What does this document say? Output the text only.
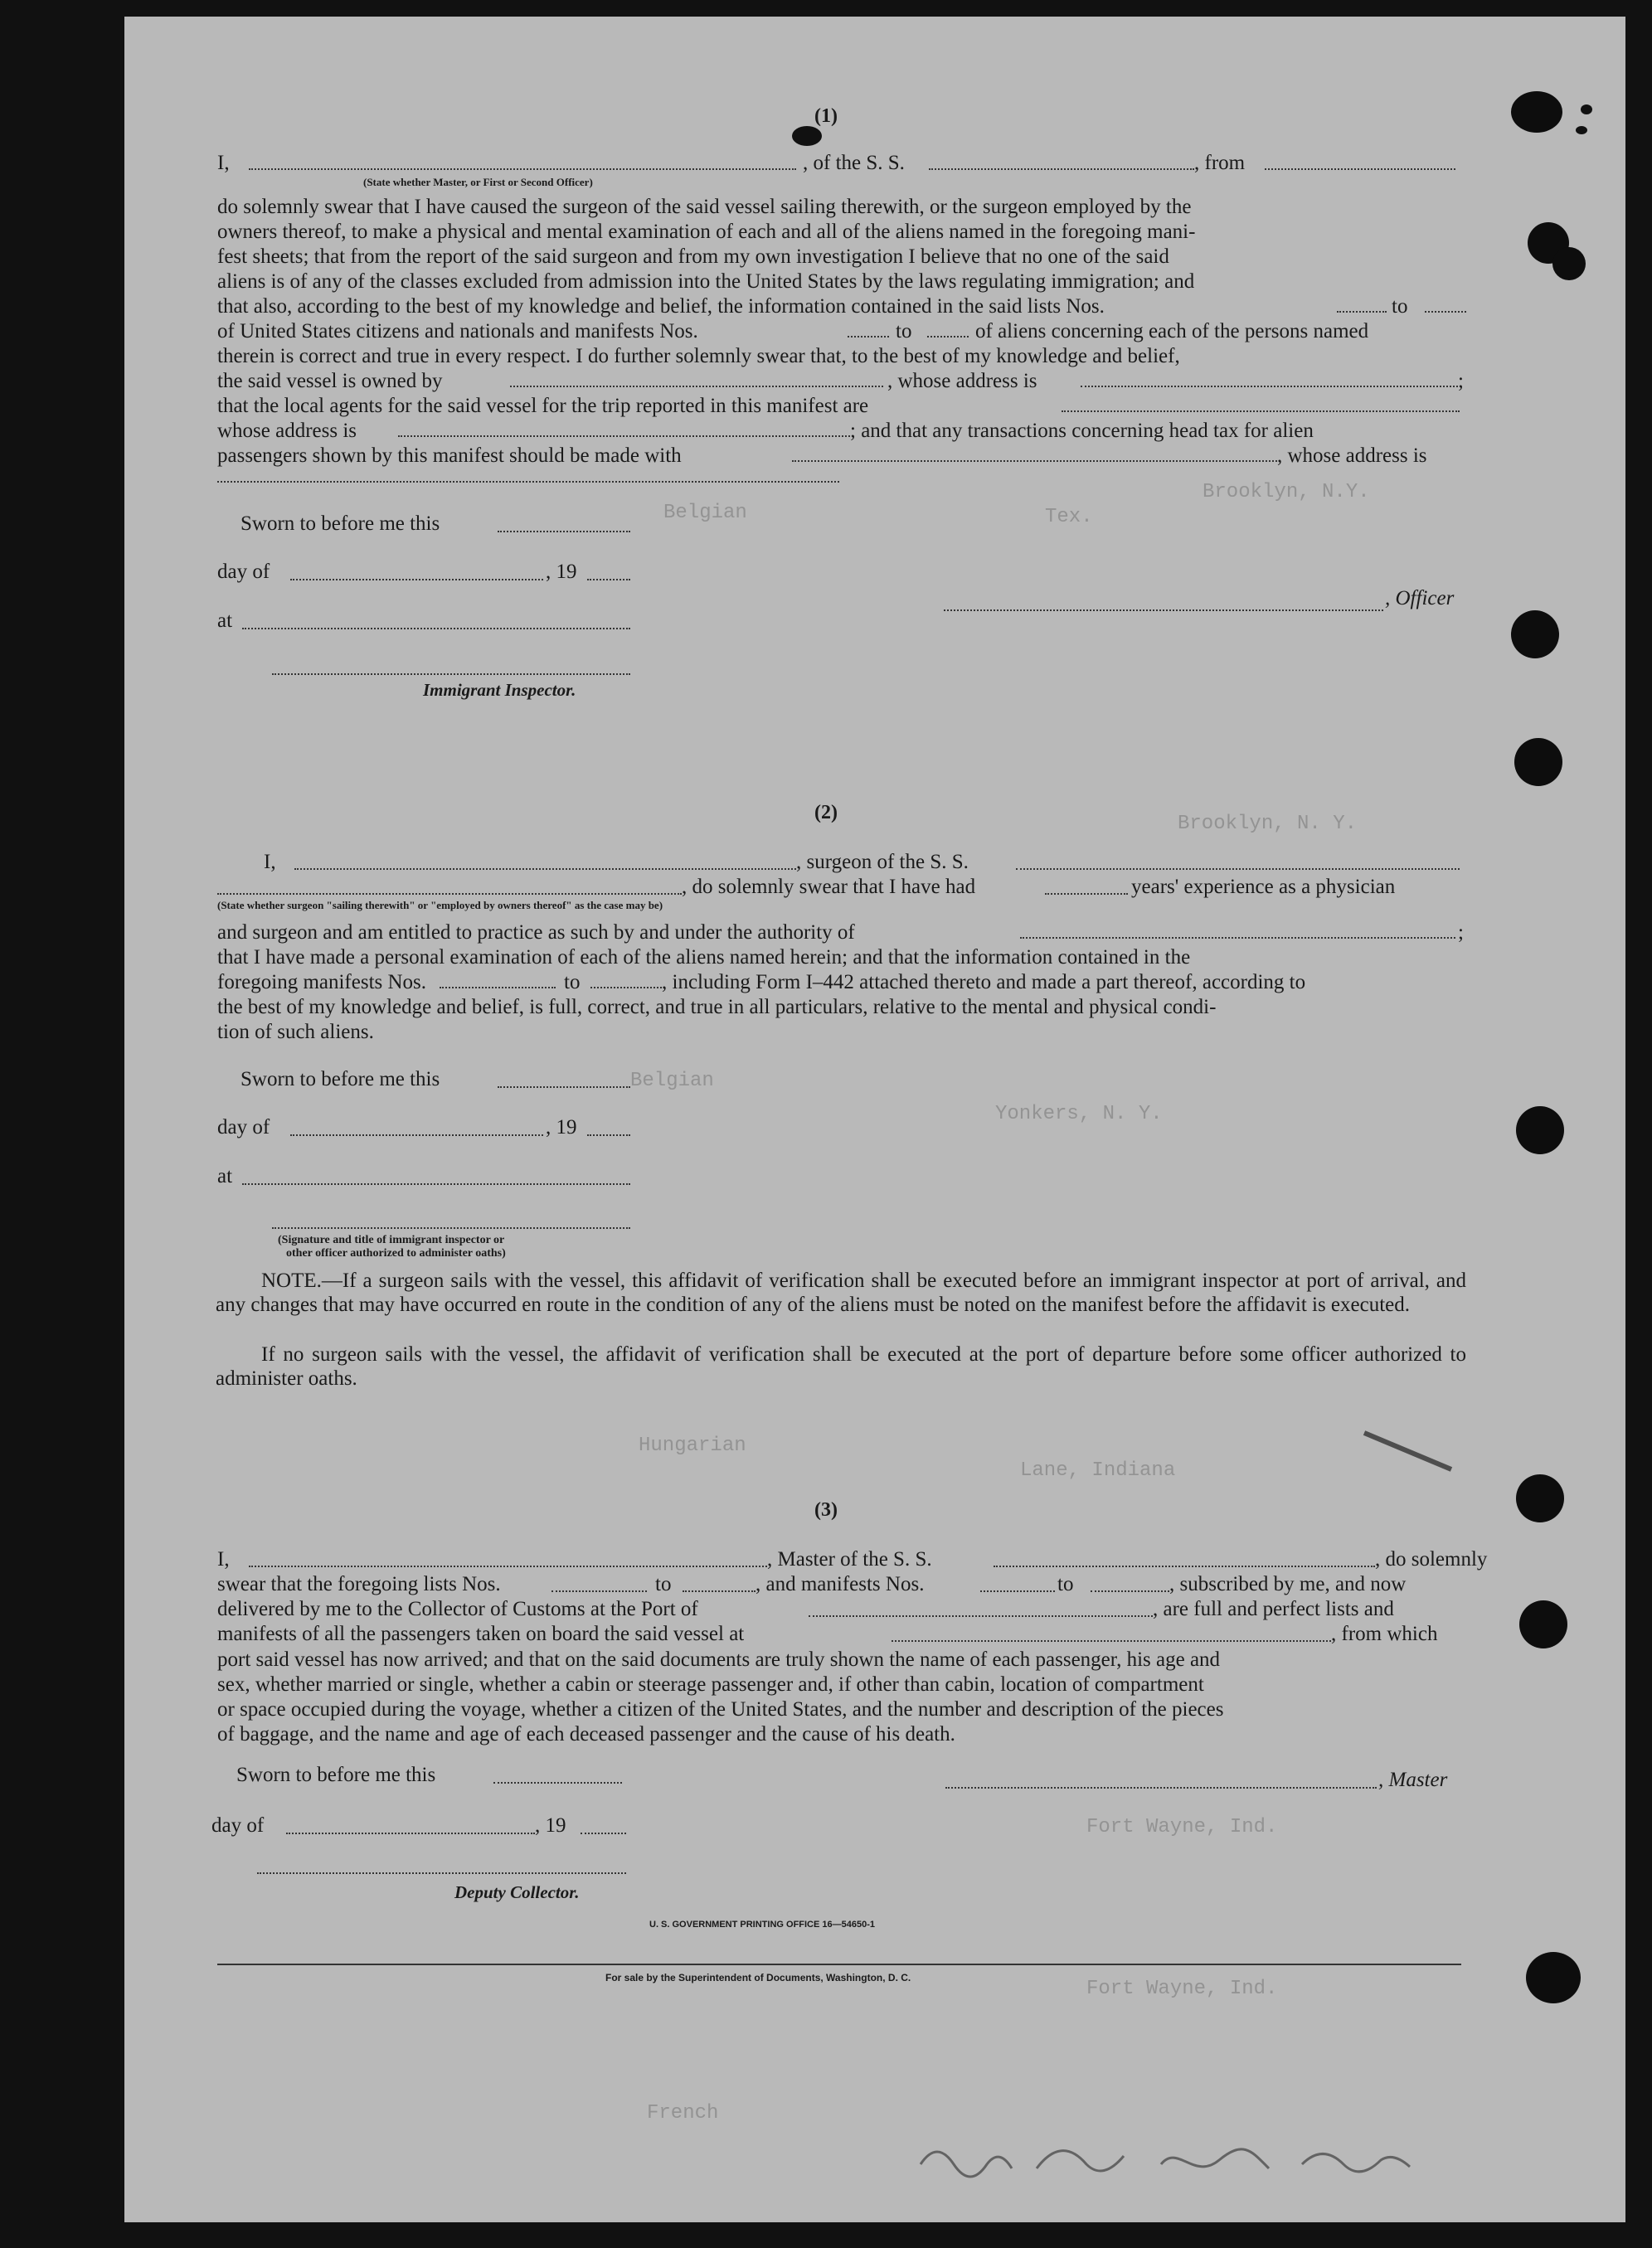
Belgian	Tex.
Brooklyn, N.Y.
Brooklyn, N. Y.
Belgian
Yonkers, N. Y.
Hungarian
Lane, Indiana
Fort Wayne, Ind.
Fort Wayne, Ind.
French
(1)
I,	, of the S. S.	, from
(State whether Master, or First or Second Officer)
do solemnly swear that I have caused the surgeon of the said vessel sailing therewith, or the surgeon employed by the
owners thereof, to make a physical and mental examination of each and all of the aliens named in the foregoing mani-
fest sheets; that from the report of the said surgeon and from my own investigation I believe that no one of the said
aliens is of any of the classes excluded from admission into the United States by the laws regulating immigration; and
that also, according to the best of my knowledge and belief, the information contained in the said lists Nos.	to
of United States citizens and nationals and manifests Nos.	to	of aliens concerning each of the persons named
therein is correct and true in every respect. I do further solemnly swear that, to the best of my knowledge and belief,
the said vessel is owned by	, whose address is	;
that the local agents for the said vessel for the trip reported in this manifest are
whose address is	; and that any transactions concerning head tax for alien
passengers shown by this manifest should be made with	, whose address is
Sworn to before me this
day of	, 19
, Officer
at
Immigrant Inspector.
(2)
I,	, surgeon of the S. S.
, do solemnly swear that I have had	years' experience as a physician
(State whether surgeon "sailing therewith" or "employed by owners thereof" as the case may be)
and surgeon and am entitled to practice as such by and under the authority of	;
that I have made a personal examination of each of the aliens named herein; and that the information contained in the
foregoing manifests Nos.	to	, including Form I–442 attached thereto and made a part thereof, according to
the best of my knowledge and belief, is full, correct, and true in all particulars, relative to the mental and physical condi-
tion of such aliens.
Sworn to before me this
day of	, 19
at
(Signature and title of immigrant inspector or
other officer authorized to administer oaths)
NOTE.—If a surgeon sails with the vessel, this affidavit of verification shall be executed before an immigrant inspector at port of arrival, and any changes that may have occurred en route in the condition of any of the aliens must be noted on the manifest before the affidavit is executed.
If no surgeon sails with the vessel, the affidavit of verification shall be executed at the port of departure before some officer authorized to administer oaths.
(3)
I,	, Master of the S. S.	, do solemnly
swear that the foregoing lists Nos.	to	, and manifests Nos.	to	, subscribed by me, and now
delivered by me to the Collector of Customs at the Port of	, are full and perfect lists and
manifests of all the passengers taken on board the said vessel at	, from which
port said vessel has now arrived; and that on the said documents are truly shown the name of each passenger, his age and
sex, whether married or single, whether a cabin or steerage passenger and, if other than cabin, location of compartment
or space occupied during the voyage, whether a citizen of the United States, and the number and description of the pieces
of baggage, and the name and age of each deceased passenger and the cause of his death.
Sworn to before me this	, Master
day of	, 19
Deputy Collector.
U. S. GOVERNMENT PRINTING OFFICE 16—54650-1
For sale by the Superintendent of Documents, Washington, D. C.
